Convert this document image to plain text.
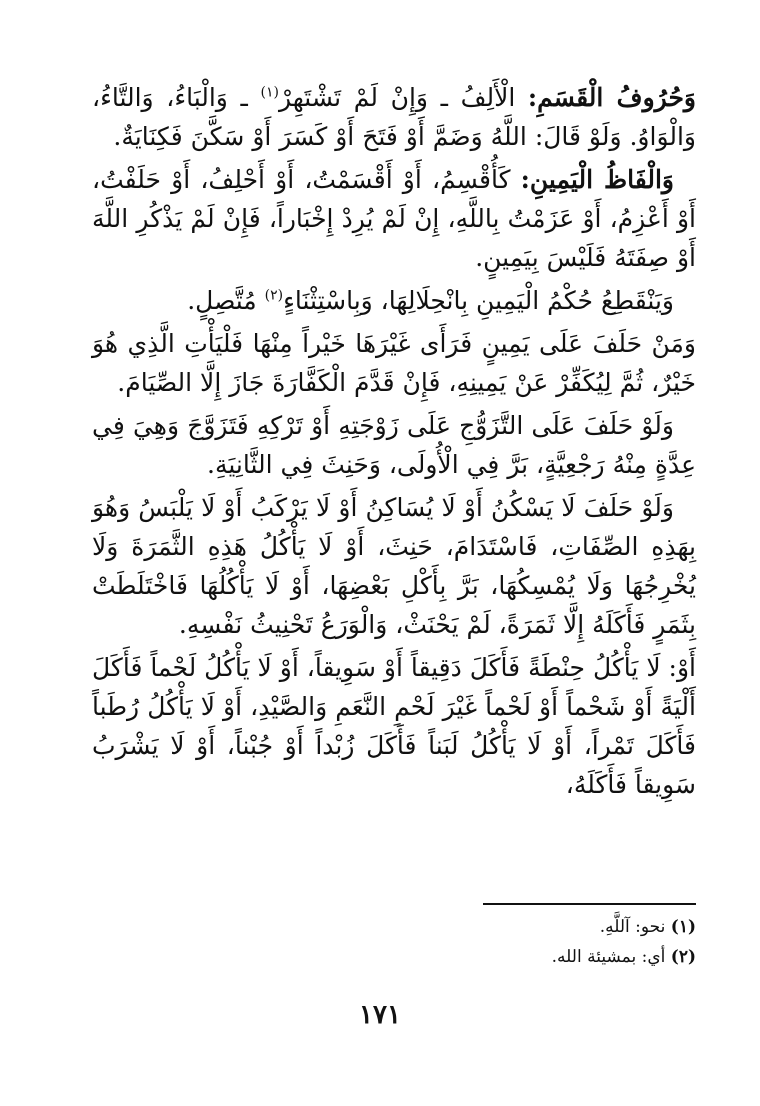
وَحُرُوفُ الْقَسَمِ: الْأَلِفُ ـ وَإِنْ لَمْ تَشْتَهِرْ$^{(١)}$ ـ وَالْبَاءُ، وَالتَّاءُ، وَالْوَاوُ. وَلَوْ قَالَ: اللَّهُ وَضَمَّ أَوْ فَتَحَ أَوْ كَسَرَ أَوْ سَكَّنَ فَكِنَايَةٌ.

وَالْفَاظُ الْيَمِينِ: كَأُقْسِمُ، أَوْ أَقْسَمْتُ، أَوْ أَحْلِفُ، أَوْ حَلَفْتُ، أَوْ أَعْزِمُ، أَوْ عَزَمْتُ بِاللَّهِ، إِنْ لَمْ يُرِدْ إِخْبَاراً، فَإِنْ لَمْ يَذْكُرِ اللَّهَ أَوْ صِفَتَهُ فَلَيْسَ بِيَمِينٍ.

وَيَنْقَطِعُ حُكْمُ الْيَمِينِ بِانْحِلَالِهَا، وَبِاسْتِثْنَاءٍ$^{(٢)}$ مُتَّصِلٍ.

وَمَنْ حَلَفَ عَلَى يَمِينٍ فَرَأَى غَيْرَهَا خَيْراً مِنْهَا فَلْيَأْتِ الَّذِي هُوَ خَيْرٌ، ثُمَّ لِيُكَفِّرْ عَنْ يَمِينِهِ، فَإِنْ قَدَّمَ الْكَفَّارَةَ جَازَ إِلَّا الصِّيَامَ.

وَلَوْ حَلَفَ عَلَى التَّزَوُّجِ عَلَى زَوْجَتِهِ أَوْ تَرْكِهِ فَتَزَوَّجَ وَهِيَ فِي عِدَّةٍ مِنْهُ رَجْعِيَّةٍ، بَرَّ فِي الْأُولَى، وَحَنِثَ فِي الثَّانِيَةِ.

وَلَوْ حَلَفَ لَا يَسْكُنُ أَوْ لَا يُسَاكِنُ أَوْ لَا يَرْكَبُ أَوْ لَا يَلْبَسُ وَهُوَ بِهَذِهِ الصِّفَاتِ، فَاسْتَدَامَ، حَنِثَ، أَوْ لَا يَأْكُلُ هَذِهِ الثَّمَرَةَ وَلَا يُخْرِجُهَا وَلَا يُمْسِكُهَا، بَرَّ بِأَكْلِ بَعْضِهَا، أَوْ لَا يَأْكُلُهَا فَاخْتَلَطَتْ بِثَمَرٍ فَأَكَلَهُ إِلَّا ثَمَرَةً، لَمْ يَحْنَثْ، وَالْوَرَعُ تَحْنِيثُ نَفْسِهِ.

أَوْ: لَا يَأْكُلُ حِنْطَةً فَأَكَلَ دَقِيقاً أَوْ سَوِيقاً، أَوْ لَا يَأْكُلُ لَحْماً فَأَكَلَ أَلْيَةً أَوْ شَحْماً أَوْ لَحْماً غَيْرَ لَحْمِ النَّعَمِ وَالصَّيْدِ، أَوْ لَا يَأْكُلُ رُطَباً فَأَكَلَ تَمْراً، أَوْ لَا يَأْكُلُ لَبَناً فَأَكَلَ زُبْداً أَوْ جُبْناً، أَوْ لَا يَشْرَبُ سَوِيقاً فَأَكَلَهُ،

(١) نحو: آللَّهِ.

(٢) أي: بمشيئة الله.

١٧١
